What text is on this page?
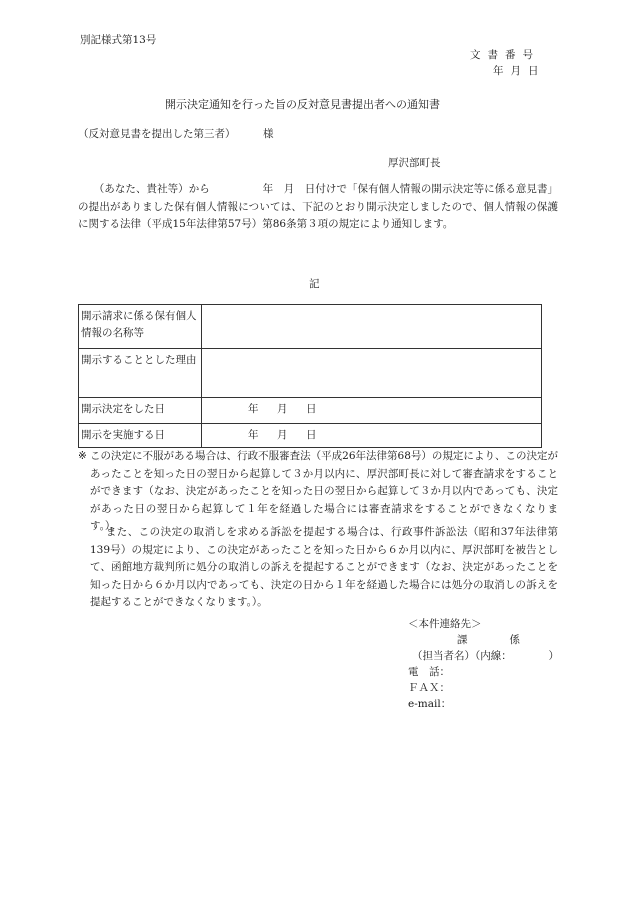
別記様式第13号
文書番号
年月日
開示決定通知を行った旨の反対意見書提出者への通知書
（反対意見書を提出した第三者）	様
厚沢部町長
（あなた、貴社等）から　　　　　年　月　日付けで「保有個人情報の開示決定等に係る意見書」の提出がありました保有個人情報については、下記のとおり開示決定しましたので、個人情報の保護に関する法律（平成15年法律第57号）第86条第３項の規定により通知します。
記
開示請求に係る保有個人情報の名称等	
開示することとした理由	
開示決定をした日	年　月　日
開示を実施する日	年　月　日
※ この決定に不服がある場合は、行政不服審査法（平成26年法律第68号）の規定により、この決定があったことを知った日の翌日から起算して３か月以内に、厚沢部町長に対して審査請求をすることができます（なお、決定があったことを知った日の翌日から起算して３か月以内であっても、決定があった日の翌日から起算して１年を経過した場合には審査請求をすることができなくなります。）。
また、この決定の取消しを求める訴訟を提起する場合は、行政事件訴訟法（昭和37年法律第139号）の規定により、この決定があったことを知った日から６か月以内に、厚沢部町を被告として、函館地方裁判所に処分の取消しの訴えを提起することができます（なお、決定があったことを知った日から６か月以内であっても、決定の日から１年を経過した場合には処分の取消しの訴えを提起することができなくなります。）。
＜本件連絡先＞
課　　　　係
（担当者名）（内線：　　　　）
電　話：
ＦＡＸ：
e-mail：
